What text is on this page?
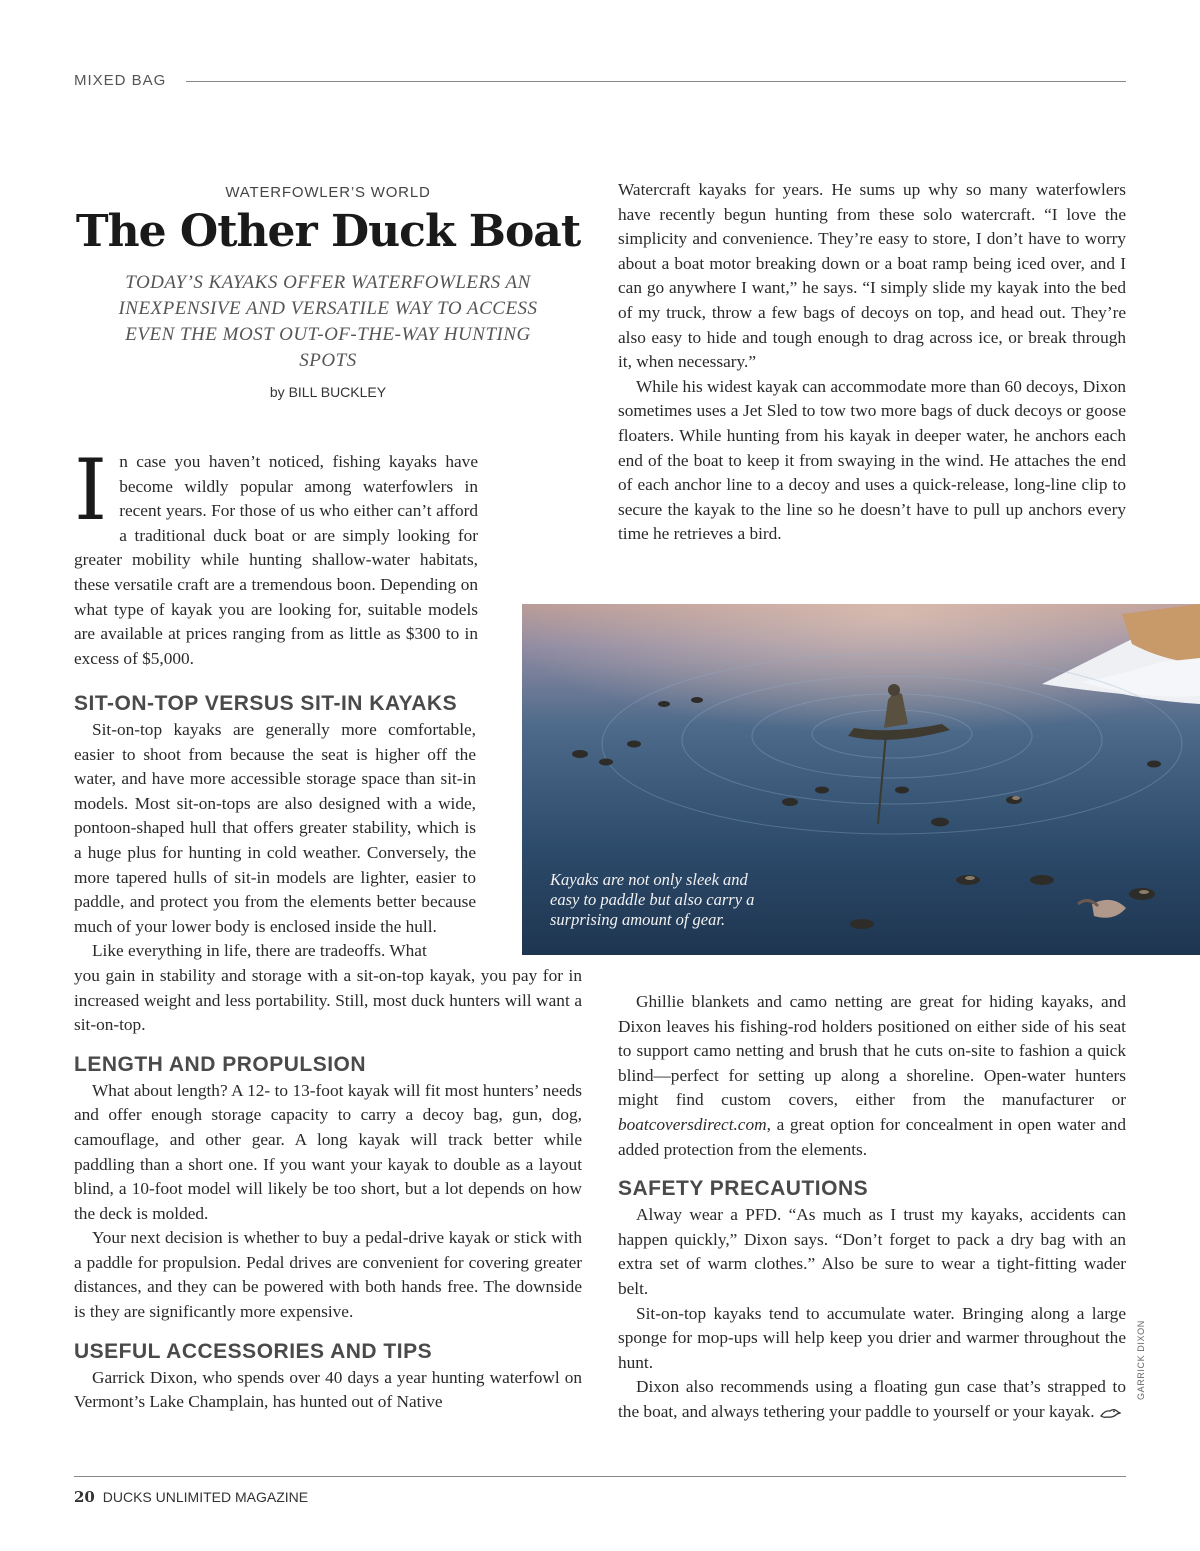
MIXED BAG
WATERFOWLER’S WORLD
The Other Duck Boat
TODAY’S KAYAKS OFFER WATERFOWLERS AN INEXPENSIVE AND VERSATILE WAY TO ACCESS EVEN THE MOST OUT-OF-THE-WAY HUNTING SPOTS
by BILL BUCKLEY
I n case you haven’t noticed, fishing kayaks have become wildly popular among waterfowlers in recent years. For those of us who either can’t afford a traditional duck boat or are simply looking for greater mobility while hunting shallow-water habitats, these versatile craft are a tremendous boon. Depending on what type of kayak you are looking for, suitable models are available at prices ranging from as little as $300 to in excess of $5,000.

SIT-ON-TOP VERSUS SIT-IN KAYAKS

Sit-on-top kayaks are generally more comfortable, easier to shoot from because the seat is higher off the water, and have more accessible storage space than sit-in models. Most sit-on-tops are also designed with a wide, pontoon-shaped hull that offers greater stability, which is a huge plus for hunting in cold weather. Conversely, the more tapered hulls of sit-in models are lighter, easier to paddle, and protect you from the elements better because much of your lower body is enclosed inside the hull.

Like everything in life, there are tradeoffs. What

you gain in stability and storage with a sit-on-top kayak, you pay for in increased weight and less portability. Still, most duck hunters will want a sit-on-top.

LENGTH AND PROPULSION

What about length? A 12- to 13-foot kayak will fit most hunters’ needs and offer enough storage capacity to carry a decoy bag, gun, dog, camouflage, and other gear. A long kayak will track better while paddling than a short one. If you want your kayak to double as a layout blind, a 10-foot model will likely be too short, but a lot depends on how the deck is molded.

Your next decision is whether to buy a pedal-drive kayak or stick with a paddle for propulsion. Pedal drives are convenient for covering greater distances, and they can be powered with both hands free. The downside is they are significantly more expensive.

USEFUL ACCESSORIES AND TIPS

Garrick Dixon, who spends over 40 days a year hunting waterfowl on Vermont’s Lake Champlain, has hunted out of Native

Watercraft kayaks for years. He sums up why so many waterfowlers have recently begun hunting from these solo watercraft. “I love the simplicity and convenience. They’re easy to store, I don’t have to worry about a boat motor breaking down or a boat ramp being iced over, and I can go anywhere I want,” he says. “I simply slide my kayak into the bed of my truck, throw a few bags of decoys on top, and head out. They’re also easy to hide and tough enough to drag across ice, or break through it, when necessary.”

While his widest kayak can accommodate more than 60 decoys, Dixon sometimes uses a Jet Sled to tow two more bags of duck decoys or goose floaters. While hunting from his kayak in deeper water, he anchors each end of the boat to keep it from swaying in the wind. He attaches the end of each anchor line to a decoy and uses a quick-release, long-line clip to secure the kayak to the line so he doesn’t have to pull up anchors every time he retrieves a bird.

Kayaks are not only sleek and easy to paddle but also carry a surprising amount of gear.

Ghillie blankets and camo netting are great for hiding kayaks, and Dixon leaves his fishing-rod holders positioned on either side of his seat to support camo netting and brush that he cuts on-site to fashion a quick blind—perfect for setting up along a shoreline. Open-water hunters might find custom covers, either from the manufacturer or boatcoversdirect.com, a great option for concealment in open water and added protection from the elements.

SAFETY PRECAUTIONS

Alway wear a PFD. “As much as I trust my kayaks, accidents can happen quickly,” Dixon says. “Don’t forget to pack a dry bag with an extra set of warm clothes.” Also be sure to wear a tight-fitting wader belt.

Sit-on-top kayaks tend to accumulate water. Bringing along a large sponge for mop-ups will help keep you drier and warmer throughout the hunt.

Dixon also recommends using a floating gun case that’s strapped to the boat, and always tethering your paddle to yourself or your kayak.

GARRICK DIXON
20 DUCKS UNLIMITED MAGAZINE
